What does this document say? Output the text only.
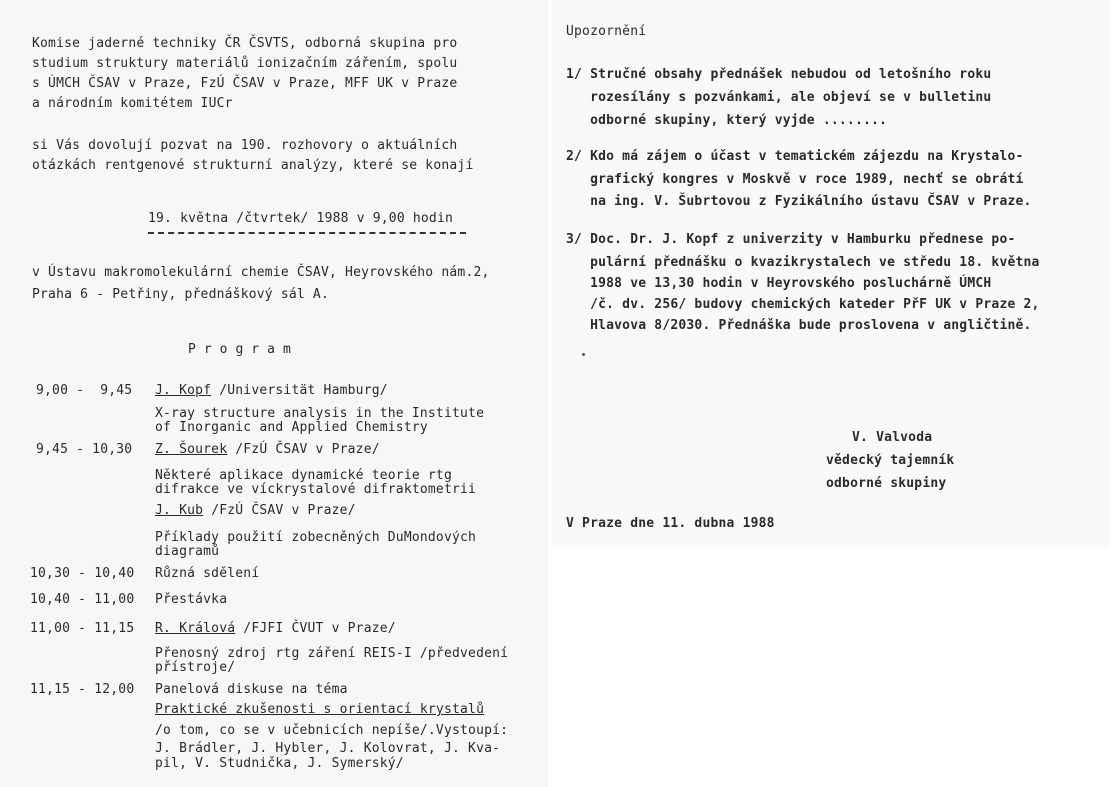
Komise jaderné techniky ČR ČSVTS, odborná skupina pro
studium struktury materiálů ionizačním zářením, spolu
s ÚMCH ČSAV v Praze, FzÚ ČSAV v Praze, MFF UK v Praze
a národním komitétem IUCr
si Vás dovolují pozvat na 190. rozhovory o aktuálních
otázkách rentgenové strukturní analýzy, které se konají
19. května /čtvrtek/ 1988 v 9,00 hodin
v Ústavu makromolekulární chemie ČSAV, Heyrovského nám.2,
Praha 6 - Petřiny, přednáškový sál A.
Program
9,00 -  9,45 J. Kopf /Universität Hamburg/
X-ray structure analysis in the Institute
of Inorganic and Applied Chemistry
9,45 - 10,30 Z. Šourek /FzÚ ČSAV v Praze/
Některé aplikace dynamické teorie rtg
difrakce ve víckrystalové difraktometrii
J. Kub /FzÚ ČSAV v Praze/
Příklady použití zobecněných DuMondových
diagramů
10,30 - 10,40 Různá sdělení
10,40 - 11,00 Přestávka
11,00 - 11,15 R. Králová /FJFI ČVUT v Praze/
Přenosný zdroj rtg záření REIS-I /předvedení
přístroje/
11,15 - 12,00 Panelová diskuse na téma
Praktické zkušenosti s orientací krystalů
/o tom, co se v učebnicích nepíše/.Vystoupí:
J. Brádler, J. Hybler, J. Kolovrat, J. Kva-
pil, V. Studnička, J. Symerský/
Upozornění
1/ Stručné obsahy přednášek nebudou od letošního roku
rozesílány s pozvánkami, ale objeví se v bulletinu
odborné skupiny, který vyjde ........
2/ Kdo má zájem o účast v tematickém zájezdu na Krystalo-
grafický kongres v Moskvě v roce 1989, nechť se obrátí
na ing. V. Šubrtovou z Fyzikálního ústavu ČSAV v Praze.
3/ Doc. Dr. J. Kopf z univerzity v Hamburku přednese po-
pulární přednášku o kvazikrystalech ve středu 18. května
1988 ve 13,30 hodin v Heyrovského posluchárně ÚMCH
/č. dv. 256/ budovy chemických kateder PřF UK v Praze 2,
Hlavova 8/2030. Přednáška bude proslovena v angličtině.
V. Valvoda
vědecký tajemník
odborné skupiny
V Praze dne 11. dubna 1988
